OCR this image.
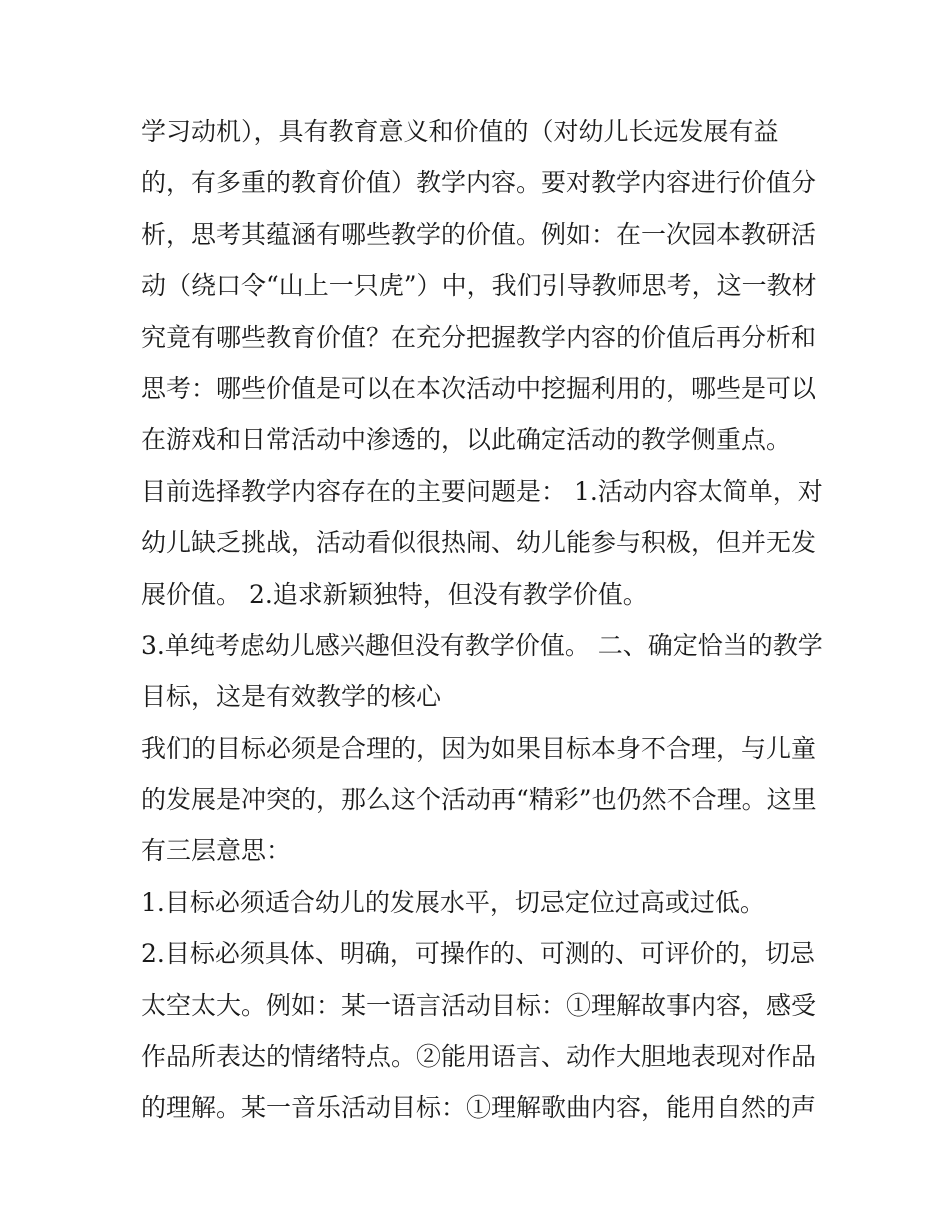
学习动机），具有教育意义和价值的（对幼儿长远发展有益
的，有多重的教育价值）教学内容。要对教学内容进行价值分
析，思考其蕴涵有哪些教学的价值。例如：在一次园本教研活
动（绕口令“山上一只虎”）中，我们引导教师思考，这一教材
究竟有哪些教育价值？在充分把握教学内容的价值后再分析和
思考：哪些价值是可以在本次活动中挖掘利用的，哪些是可以
在游戏和日常活动中渗透的，以此确定活动的教学侧重点。
目前选择教学内容存在的主要问题是： 1.活动内容太简单，对
幼儿缺乏挑战，活动看似很热闹、幼儿能参与积极，但并无发
展价值。 2.追求新颖独特，但没有教学价值。
3.单纯考虑幼儿感兴趣但没有教学价值。 二、确定恰当的教学
目标，这是有效教学的核心
我们的目标必须是合理的，因为如果目标本身不合理，与儿童
的发展是冲突的，那么这个活动再“精彩”也仍然不合理。这里
有三层意思：
1.目标必须适合幼儿的发展水平，切忌定位过高或过低。
2.目标必须具体、明确，可操作的、可测的、可评价的，切忌
太空太大。例如：某一语言活动目标：①理解故事内容，感受
作品所表达的情绪特点。②能用语言、动作大胆地表现对作品
的理解。某一音乐活动目标：①理解歌曲内容，能用自然的声
